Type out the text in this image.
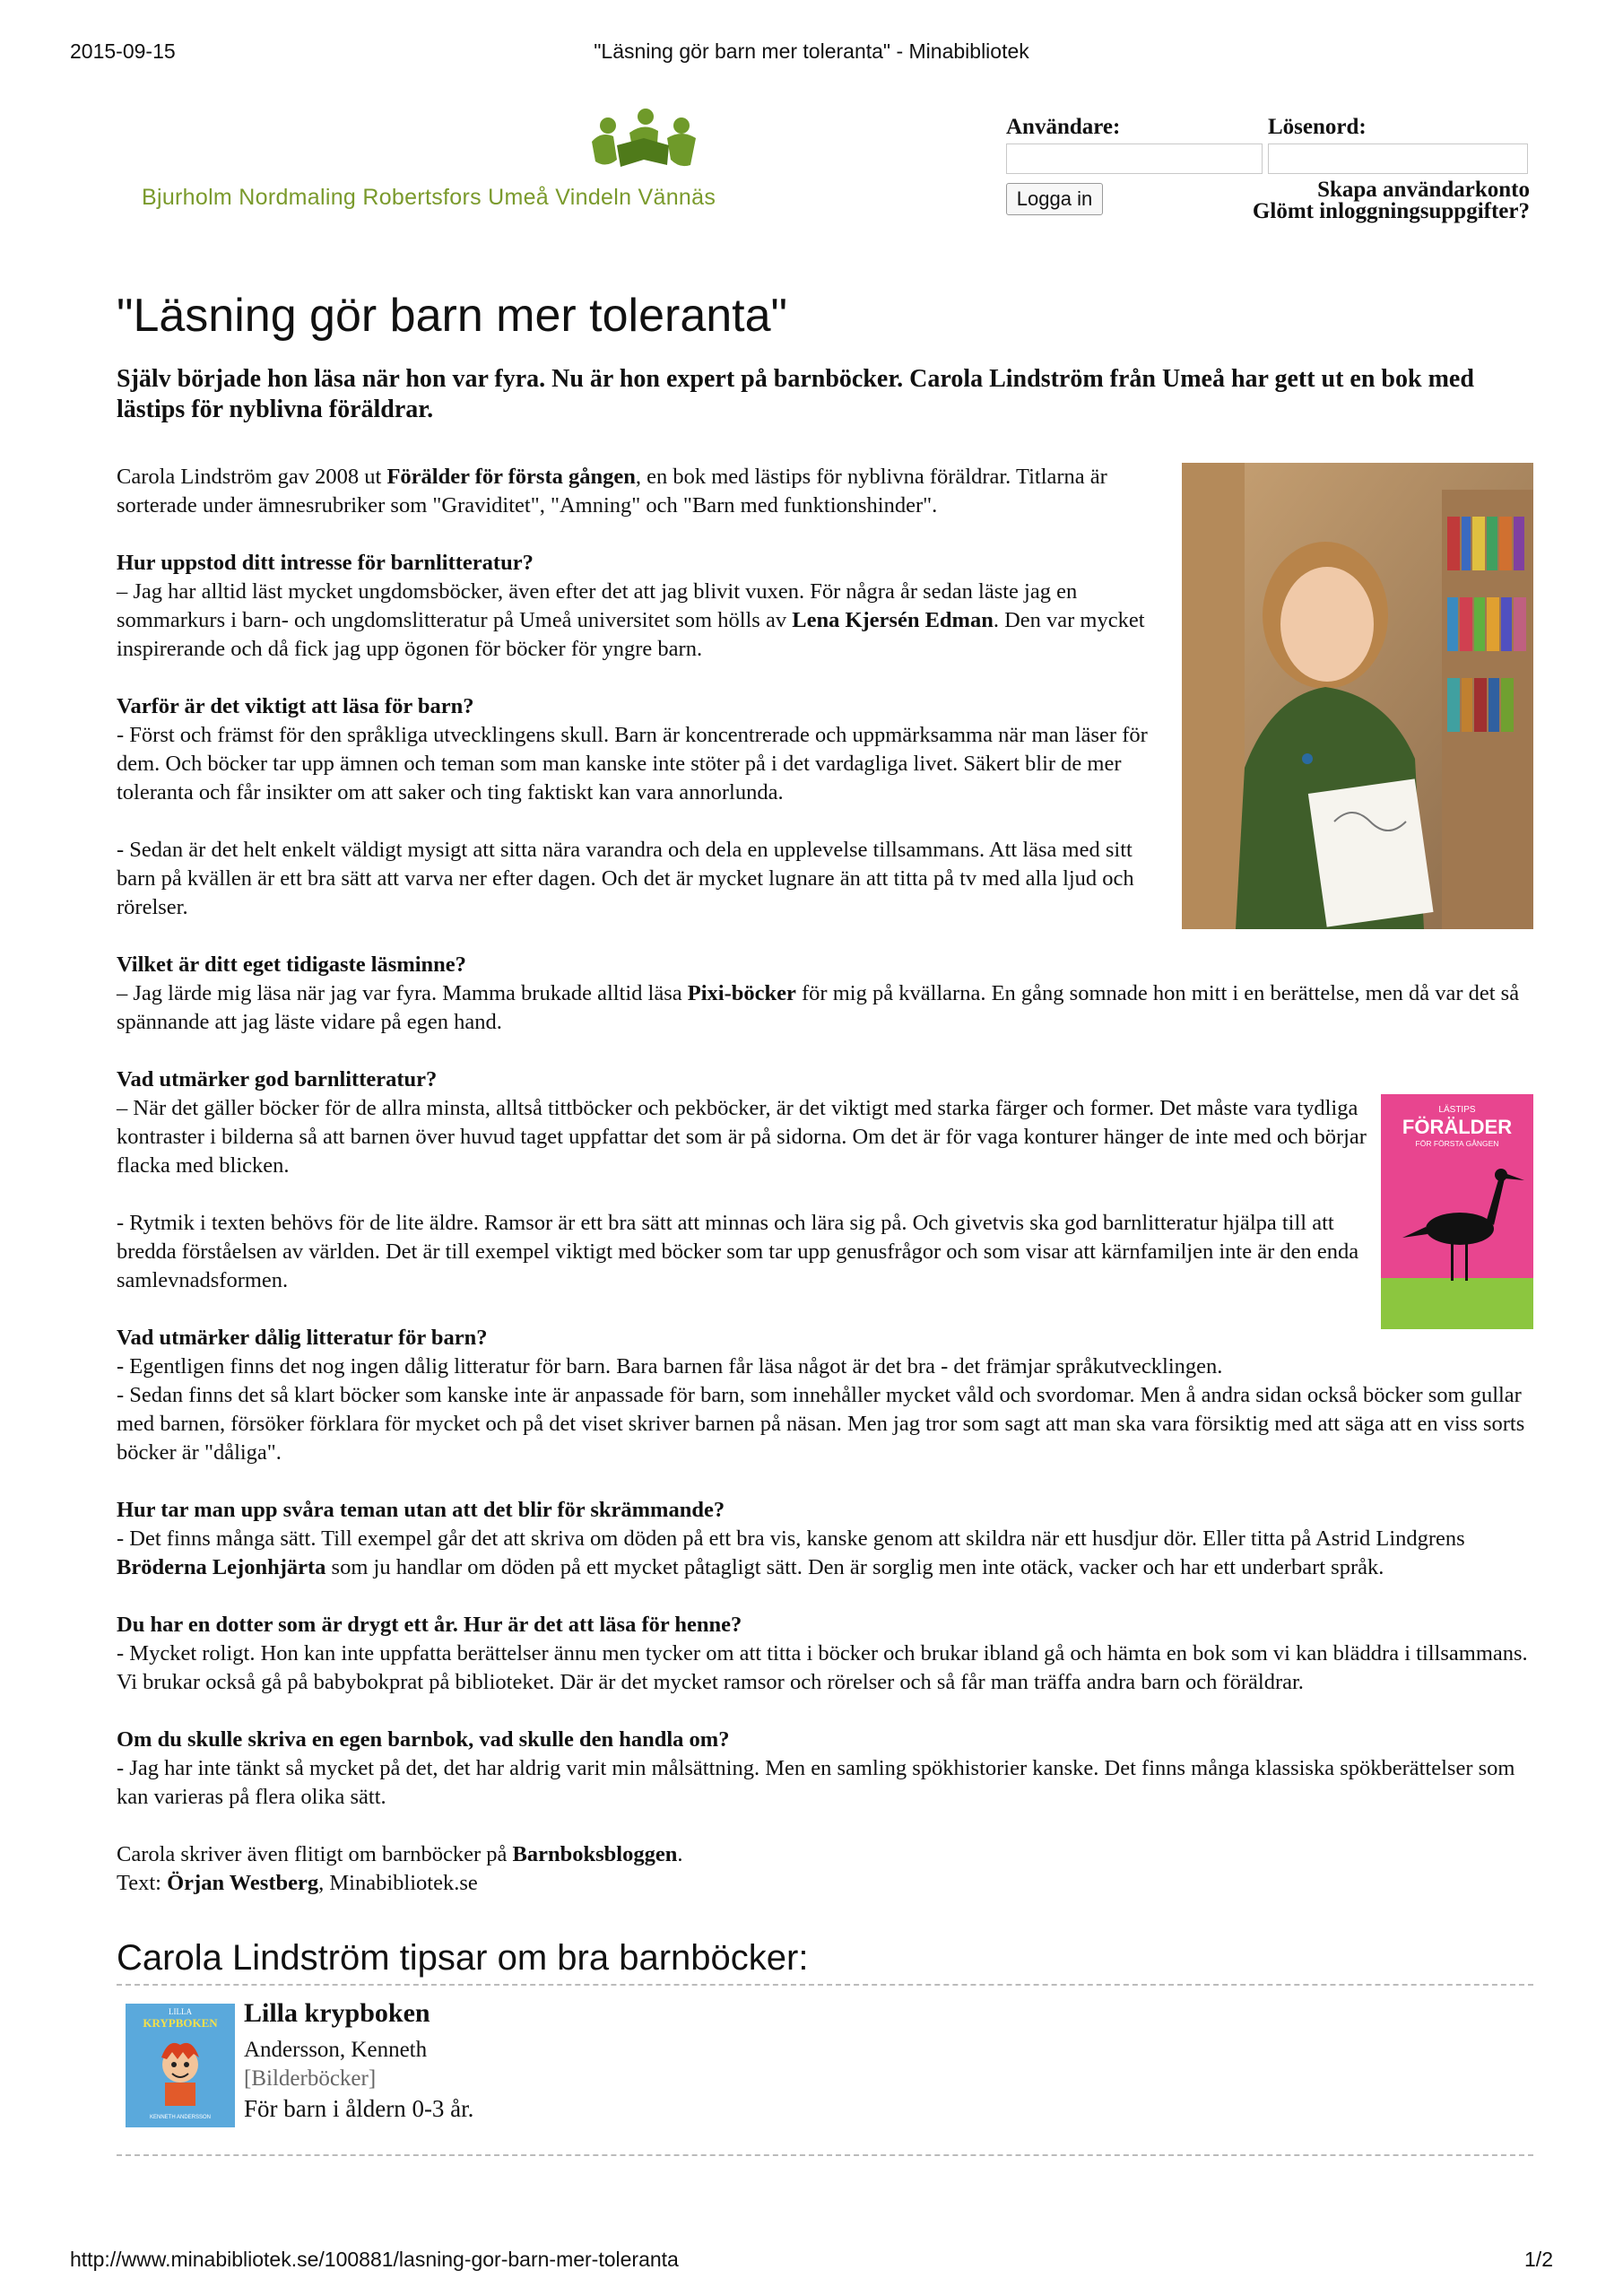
2015-09-15	"Läsning gör barn mer toleranta" - Minabibliotek
Bjurholm Nordmaling Robertsfors Umeå Vindeln Vännäs
Användare:	Lösenord:
Logga in	Skapa användarkonto
Glömt inloggningsuppgifter?
"Läsning gör barn mer toleranta"
Själv började hon läsa när hon var fyra. Nu är hon expert på barnböcker. Carola Lindström från Umeå har gett ut en bok med lästips för nyblivna föräldrar.

Carola Lindström gav 2008 ut Förälder för första gången, en bok med lästips för nyblivna föräldrar. Titlarna är sorterade under ämnesrubriker som "Graviditet", "Amning" och "Barn med funktionshinder".

Hur uppstod ditt intresse för barnlitteratur?

– Jag har alltid läst mycket ungdomsböcker, även efter det att jag blivit vuxen. För några år sedan läste jag en sommarkurs i barn- och ungdomslitteratur på Umeå universitet som hölls av Lena Kjersén Edman. Den var mycket inspirerande och då fick jag upp ögonen för böcker för yngre barn.

Varför är det viktigt att läsa för barn?

- Först och främst för den språkliga utvecklingens skull. Barn är koncentrerade och uppmärksamma när man läser för dem. Och böcker tar upp ämnen och teman som man kanske inte stöter på i det vardagliga livet. Säkert blir de mer toleranta och får insikter om att saker och ting faktiskt kan vara annorlunda.

- Sedan är det helt enkelt väldigt mysigt att sitta nära varandra och dela en upplevelse tillsammans. Att läsa med sitt barn på kvällen är ett bra sätt att varva ner efter dagen. Och det är mycket lugnare än att titta på tv med alla ljud och rörelser.

Vilket är ditt eget tidigaste läsminne?

– Jag lärde mig läsa när jag var fyra. Mamma brukade alltid läsa Pixi-böcker för mig på kvällarna. En gång somnade hon mitt i en berättelse, men då var det så spännande att jag läste vidare på egen hand.

Vad utmärker god barnlitteratur?
LÄSTIPS
FÖRÄLDER
FÖR FÖRSTA GÅNGEN

– När det gäller böcker för de allra minsta, alltså tittböcker och pekböcker, är det viktigt med starka färger och former. Det måste vara tydliga kontraster i bilderna så att barnen över huvud taget uppfattar det som är på sidorna. Om det är för vaga konturer hänger de inte med och börjar flacka med blicken.

- Rytmik i texten behövs för de lite äldre. Ramsor är ett bra sätt att minnas och lära sig på. Och givetvis ska god barnlitteratur hjälpa till att bredda förståelsen av världen. Det är till exempel viktigt med böcker som tar upp genusfrågor och som visar att kärnfamiljen inte är den enda samlevnadsformen.

Vad utmärker dålig litteratur för barn?

- Egentligen finns det nog ingen dålig litteratur för barn. Bara barnen får läsa något är det bra - det främjar språkutvecklingen.

- Sedan finns det så klart böcker som kanske inte är anpassade för barn, som innehåller mycket våld och svordomar. Men å andra sidan också böcker som gullar med barnen, försöker förklara för mycket och på det viset skriver barnen på näsan. Men jag tror som sagt att man ska vara försiktig med att säga att en viss sorts böcker är "dåliga".

Hur tar man upp svåra teman utan att det blir för skrämmande?

- Det finns många sätt. Till exempel går det att skriva om döden på ett bra vis, kanske genom att skildra när ett husdjur dör. Eller titta på Astrid Lindgrens Bröderna Lejonhjärta som ju handlar om döden på ett mycket påtagligt sätt. Den är sorglig men inte otäck, vacker och har ett underbart språk.

Du har en dotter som är drygt ett år. Hur är det att läsa för henne?

- Mycket roligt. Hon kan inte uppfatta berättelser ännu men tycker om att titta i böcker och brukar ibland gå och hämta en bok som vi kan bläddra i tillsammans. Vi brukar också gå på babybokprat på biblioteket. Där är det mycket ramsor och rörelser och så får man träffa andra barn och föräldrar.

Om du skulle skriva en egen barnbok, vad skulle den handla om?

- Jag har inte tänkt så mycket på det, det har aldrig varit min målsättning. Men en samling spökhistorier kanske. Det finns många klassiska spökberättelser som kan varieras på flera olika sätt.

Carola skriver även flitigt om barnböcker på Barnboksbloggen.
Text: Örjan Westberg, Minabibliotek.se
Carola Lindström tipsar om bra barnböcker:
LILLA
KRYPBOKEN
KENNETH ANDERSSON
Lilla krypboken
Andersson, Kenneth
[Bilderböcker]
För barn i åldern 0-3 år.
http://www.minabibliotek.se/100881/lasning-gor-barn-mer-toleranta	1/2
